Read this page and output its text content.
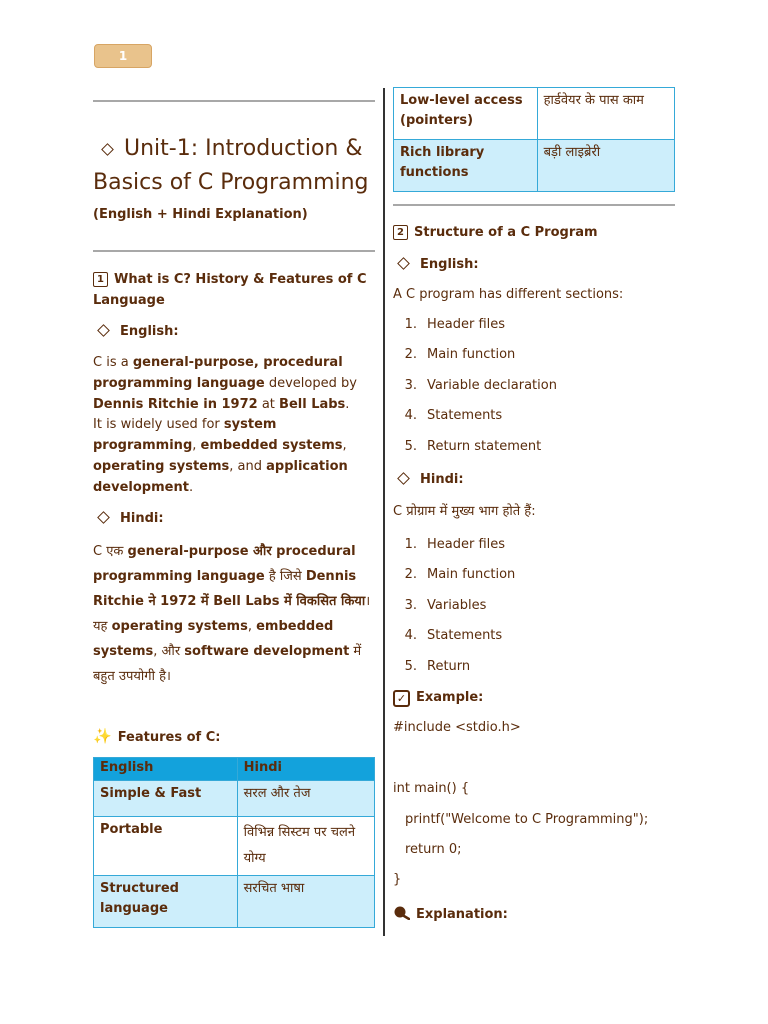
1
Unit-1: Introduction & Basics of C Programming
(English + Hindi Explanation)
1 What is C? History & Features of C Language
English:
C is a general-purpose, procedural programming language developed by Dennis Ritchie in 1972 at Bell Labs.
It is widely used for system programming, embedded systems, operating systems, and application development.
Hindi:
C एक general-purpose और procedural programming language है जिसे Dennis Ritchie ने 1972 में Bell Labs में विकसित किया।
यह operating systems, embedded systems, और software development में बहुत उपयोगी है।
✨ Features of C:
English	Hindi
Simple & Fast	सरल और तेज
Portable	विभिन्न सिस्टम पर चलने योग्य
Structured language	सरचित भाषा
Low-level access (pointers)	हार्डवेयर के पास काम
Rich library functions	बड़ी लाइब्रेरी
2 Structure of a C Program
English:
A C program has different sections:
1. Header files
2. Main function
3. Variable declaration
4. Statements
5. Return statement
Hindi:
C प्रोग्राम में मुख्य भाग होते हैं:
1. Header files
2. Main function
3. Variables
4. Statements
5. Return
✓ Example:
#include <stdio.h>
int main() {
printf("Welcome to C Programming");
return 0;
}
Explanation:
